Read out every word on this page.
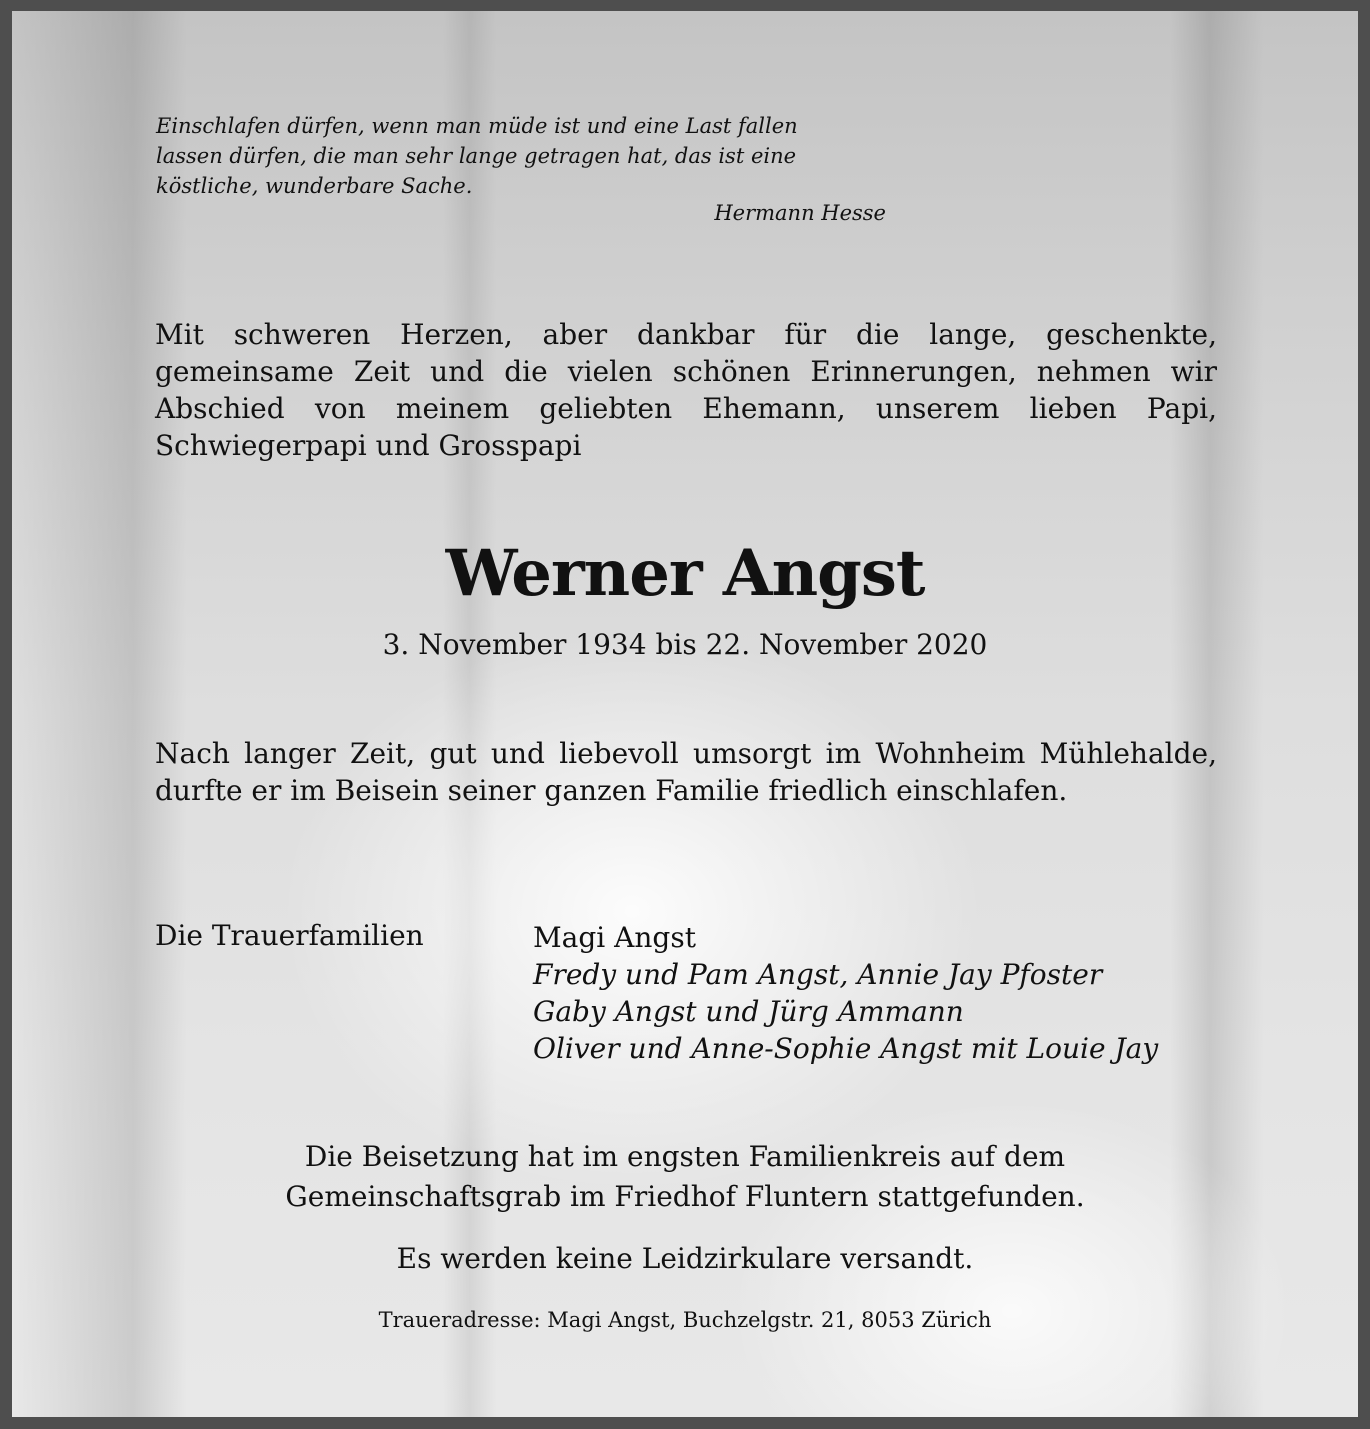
Einschlafen dürfen, wenn man müde ist und eine Last fallen
lassen dürfen, die man sehr lange getragen hat, das ist eine
köstliche, wunderbare Sache.
Hermann Hesse

Mit schweren Herzen, aber dankbar für die lange, geschenkte, gemeinsame Zeit und die vielen schönen Erinnerungen, nehmen wir Abschied von meinem geliebten Ehemann, unserem lieben Papi, Schwiegerpapi und Grosspapi

Werner Angst
3. November 1934 bis 22. November 2020

Nach langer Zeit, gut und liebevoll umsorgt im Wohnheim Mühlehalde, durfte er im Beisein seiner ganzen Familie friedlich einschlafen.

Die Trauerfamilien	Magi Angst
Fredy und Pam Angst, Annie Jay Pfoster
Gaby Angst und Jürg Ammann
Oliver und Anne-Sophie Angst mit Louie Jay
Die Beisetzung hat im engsten Familienkreis auf dem
Gemeinschaftsgrab im Friedhof Fluntern stattgefunden.
Es werden keine Leidzirkulare versandt.
Traueradresse: Magi Angst, Buchzelgstr. 21, 8053 Zürich
